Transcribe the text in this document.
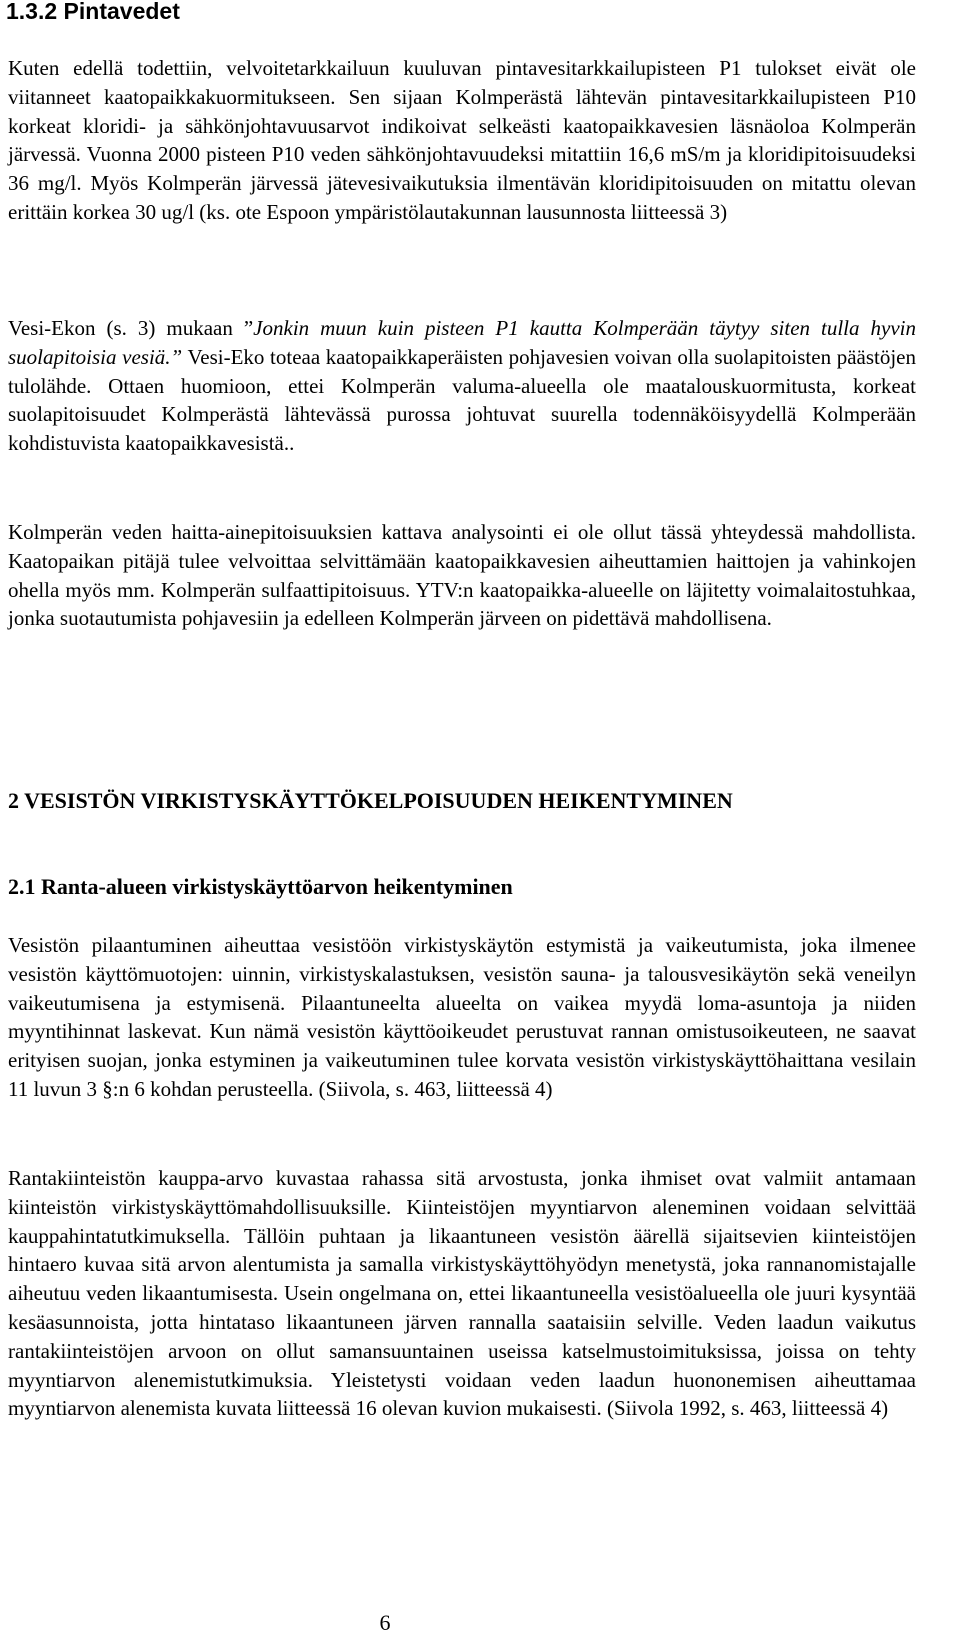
1.3.2 Pintavedet

Kuten edellä todettiin, velvoitetarkkailuun kuuluvan pintavesitarkkailupisteen P1 tulokset eivät ole viitanneet kaatopaikkakuormitukseen. Sen sijaan Kolmperästä lähtevän pintavesitarkkailupisteen P10 korkeat kloridi- ja sähkönjohtavuusarvot indikoivat selkeästi kaatopaikkavesien läsnäoloa Kolmperän järvessä. Vuonna 2000 pisteen P10 veden sähkönjohtavuudeksi mitattiin 16,6 mS/m ja kloridipitoisuudeksi 36 mg/l. Myös Kolmperän järvessä jätevesivaikutuksia ilmentävän kloridipitoisuuden on mitattu olevan erittäin korkea 30 ug/l (ks. ote Espoon ympäristölautakunnan lausunnosta liitteessä 3)

Vesi-Ekon (s. 3) mukaan ”Jonkin muun kuin pisteen P1 kautta Kolmperään täytyy siten tulla hyvin suolapitoisia vesiä.” Vesi-Eko toteaa kaatopaikkaperäisten pohjavesien voivan olla suolapitoisten päästöjen tulolähde. Ottaen huomioon, ettei Kolmperän valuma-alueella ole maatalouskuormitusta, korkeat suolapitoisuudet Kolmperästä lähtevässä purossa johtuvat suurella todennäköisyydellä Kolmperään kohdistuvista kaatopaikkavesistä..

Kolmperän veden haitta-ainepitoisuuksien kattava analysointi ei ole ollut tässä yhteydessä mahdollista. Kaatopaikan pitäjä tulee velvoittaa selvittämään kaatopaikkavesien aiheuttamien haittojen ja vahinkojen ohella myös mm. Kolmperän sulfaattipitoisuus. YTV:n kaatopaikka-alueelle on läjitetty voimalaitostuhkaa, jonka suotautumista pohjavesiin ja edelleen Kolmperän järveen on pidettävä mahdollisena.

2 VESISTÖN VIRKISTYSKÄYTTÖKELPOISUUDEN HEIKENTYMINEN
2.1 Ranta-alueen virkistyskäyttöarvon heikentyminen

Vesistön pilaantuminen aiheuttaa vesistöön virkistyskäytön estymistä ja vaikeutumista, joka ilmenee vesistön käyttömuotojen: uinnin, virkistyskalastuksen, vesistön sauna- ja talousvesikäytön sekä veneilyn vaikeutumisena ja estymisenä. Pilaantuneelta alueelta on vaikea myydä loma-asuntoja ja niiden myyntihinnat laskevat. Kun nämä vesistön käyttöoikeudet perustuvat rannan omistusoikeuteen, ne saavat erityisen suojan, jonka estyminen ja vaikeutuminen tulee korvata vesistön virkistyskäyttöhaittana vesilain 11 luvun 3 §:n 6 kohdan perusteella. (Siivola, s. 463, liitteessä 4)

Rantakiinteistön kauppa-arvo kuvastaa rahassa sitä arvostusta, jonka ihmiset ovat valmiit antamaan kiinteistön virkistyskäyttömahdollisuuksille. Kiinteistöjen myyntiarvon aleneminen voidaan selvittää kauppahintatutkimuksella. Tällöin puhtaan ja likaantuneen vesistön äärellä sijaitsevien kiinteistöjen hintaero kuvaa sitä arvon alentumista ja samalla virkistyskäyttöhyödyn menetystä, joka rannanomistajalle aiheutuu veden likaantumisesta. Usein ongelmana on, ettei likaantuneella vesistöalueella ole juuri kysyntää kesäasunnoista, jotta hintataso likaantuneen järven rannalla saataisiin selville. Veden laadun vaikutus rantakiinteistöjen arvoon on ollut samansuuntainen useissa katselmustoimituksissa, joissa on tehty myyntiarvon alenemistutkimuksia. Yleistetysti voidaan veden laadun huononemisen aiheuttamaa myyntiarvon alenemista kuvata liitteessä 16 olevan kuvion mukaisesti. (Siivola 1992, s. 463, liitteessä 4)

6
